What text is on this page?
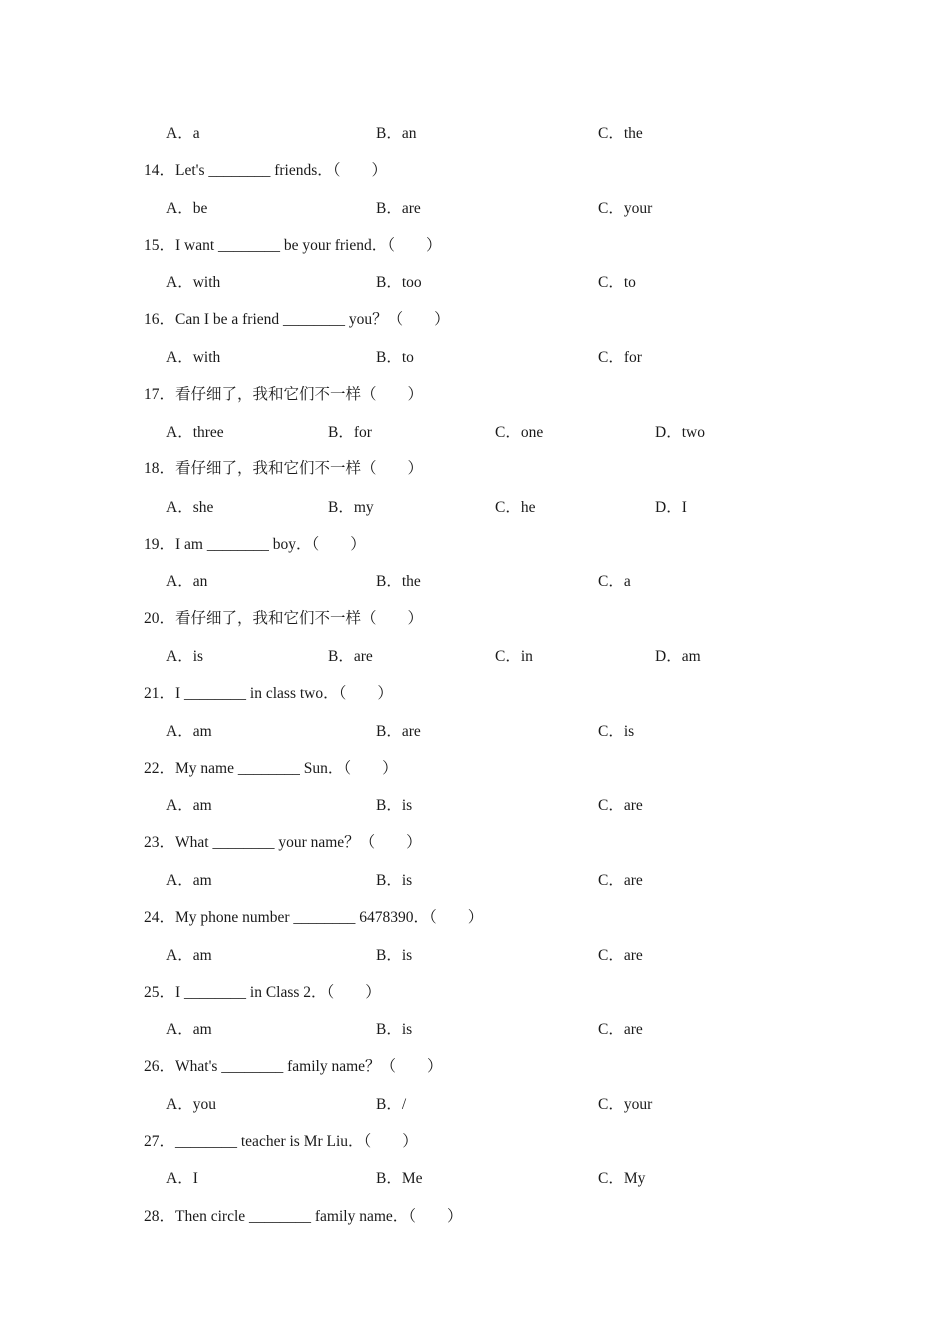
A．a	B．an	C．the
14．Let's ________ friends．（　　）
A．be	B．are	C．your
15．I want ________ be your friend．（　　）
A．with	B．too	C．to
16．Can I be a friend ________ you？（　　）
A．with	B．to	C．for
17．看仔细了，我和它们不一样（　　）
A．three	B．for	C．one	D．two
18．看仔细了，我和它们不一样（　　）
A．she	B．my	C．he	D．I
19．I am ________ boy．（　　）
A．an	B．the	C．a
20．看仔细了，我和它们不一样（　　）
A．is	B．are	C．in	D．am
21．I ________ in class two．（　　）
A．am	B．are	C．is
22．My name ________ Sun．（　　）
A．am	B．is	C．are
23．What ________ your name？（　　）
A．am	B．is	C．are
24．My phone number ________ 6478390．（　　）
A．am	B．is	C．are
25．I ________ in Class 2．（　　）
A．am	B．is	C．are
26．What's ________ family name？（　　）
A．you	B．/	C．your
27．________ teacher is Mr Liu．（　　）
A．I	B．Me	C．My
28．Then circle ________ family name．（　　）
